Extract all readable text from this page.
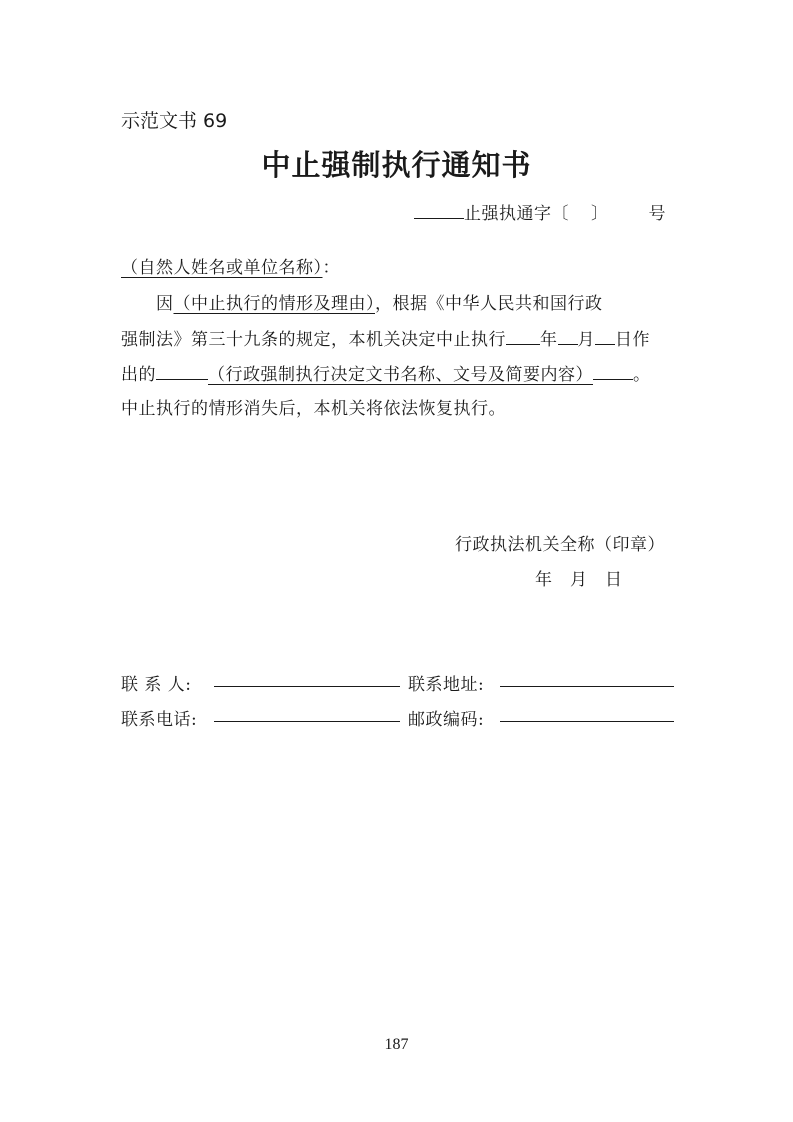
示范文书 69
中止强制执行通知书
止强执通字〔 〕 号
（自然人姓名或单位名称）：
因（中止执行的情形及理由），根据《中华人民共和国行政
强制法》第三十九条的规定，本机关决定中止执行 年 月 日作
出的	（行政强制执行决定文书名称、文号及简要内容） 。
中止执行的情形消失后，本机关将依法恢复执行。
行政执法机关全称（印章）
年　月　日
联 系 人:	联系地址:
联系电话:	邮政编码:
187
